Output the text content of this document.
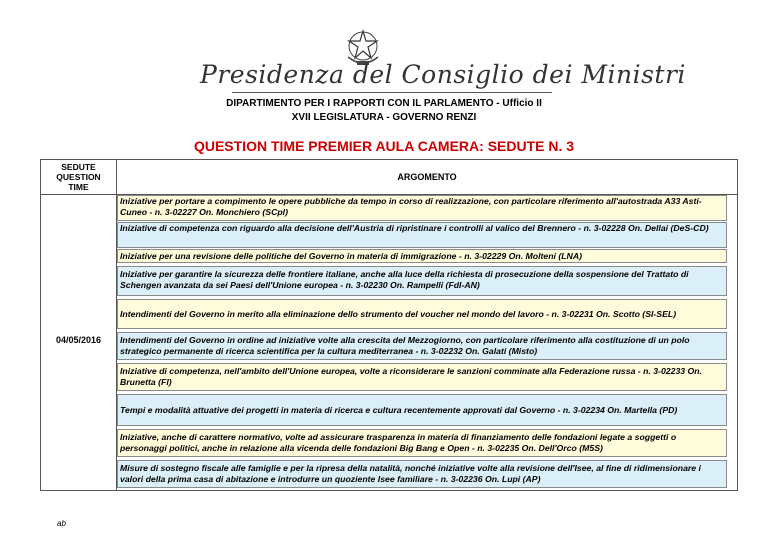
Presidenza del Consiglio dei Ministri
DIPARTIMENTO PER I RAPPORTI CON IL PARLAMENTO - Ufficio II
XVII LEGISLATURA - GOVERNO RENZI
QUESTION TIME PREMIER AULA CAMERA: SEDUTE N. 3
SEDUTE
QUESTION
TIME
ARGOMENTO
04/05/2016
Iniziative per portare a compimento le opere pubbliche da tempo in corso di realizzazione, con particolare riferimento all'autostrada A33 Asti-Cuneo - n. 3-02227 On. Monchiero (SCpl)
Iniziative di competenza con riguardo alla decisione dell'Austria di ripristinare i controlli al valico del Brennero - n. 3-02228 On. Dellai (DeS-CD)
Iniziative per una revisione delle politiche del Governo in materia di immigrazione - n. 3-02229 On. Molteni (LNA)
Iniziative per garantire la sicurezza delle frontiere italiane, anche alla luce della richiesta di prosecuzione della sospensione del Trattato di Schengen avanzata da sei Paesi dell'Unione europea - n. 3-02230 On. Rampelli (FdI-AN)
Intendimenti del Governo in merito alla eliminazione dello strumento del voucher nel mondo del lavoro - n. 3-02231 On. Scotto (SI-SEL)
Intendimenti del Governo in ordine ad iniziative volte alla crescita del Mezzogiorno, con particolare riferimento alla costituzione di un polo strategico permanente di ricerca scientifica per la cultura mediterranea - n. 3-02232 On. Galati (Misto)
Iniziative di competenza, nell'ambito dell'Unione europea, volte a riconsiderare le sanzioni comminate alla Federazione russa - n. 3-02233 On. Brunetta (FI)
Tempi e modalità attuative dei progetti in materia di ricerca e cultura recentemente approvati dal Governo - n. 3-02234 On. Martella (PD)
Iniziative, anche di carattere normativo, volte ad assicurare trasparenza in materia di finanziamento delle fondazioni legate a soggetti o personaggi politici, anche in relazione alla vicenda delle fondazioni Big Bang e Open - n. 3-02235 On. Dell'Orco (M5S)
Misure di sostegno fiscale alle famiglie e per la ripresa della natalità, nonché iniziative volte alla revisione dell'Isee, al fine di ridimensionare i valori della prima casa di abitazione e introdurre un quoziente Isee familiare - n. 3-02236 On. Lupi (AP)
ab
